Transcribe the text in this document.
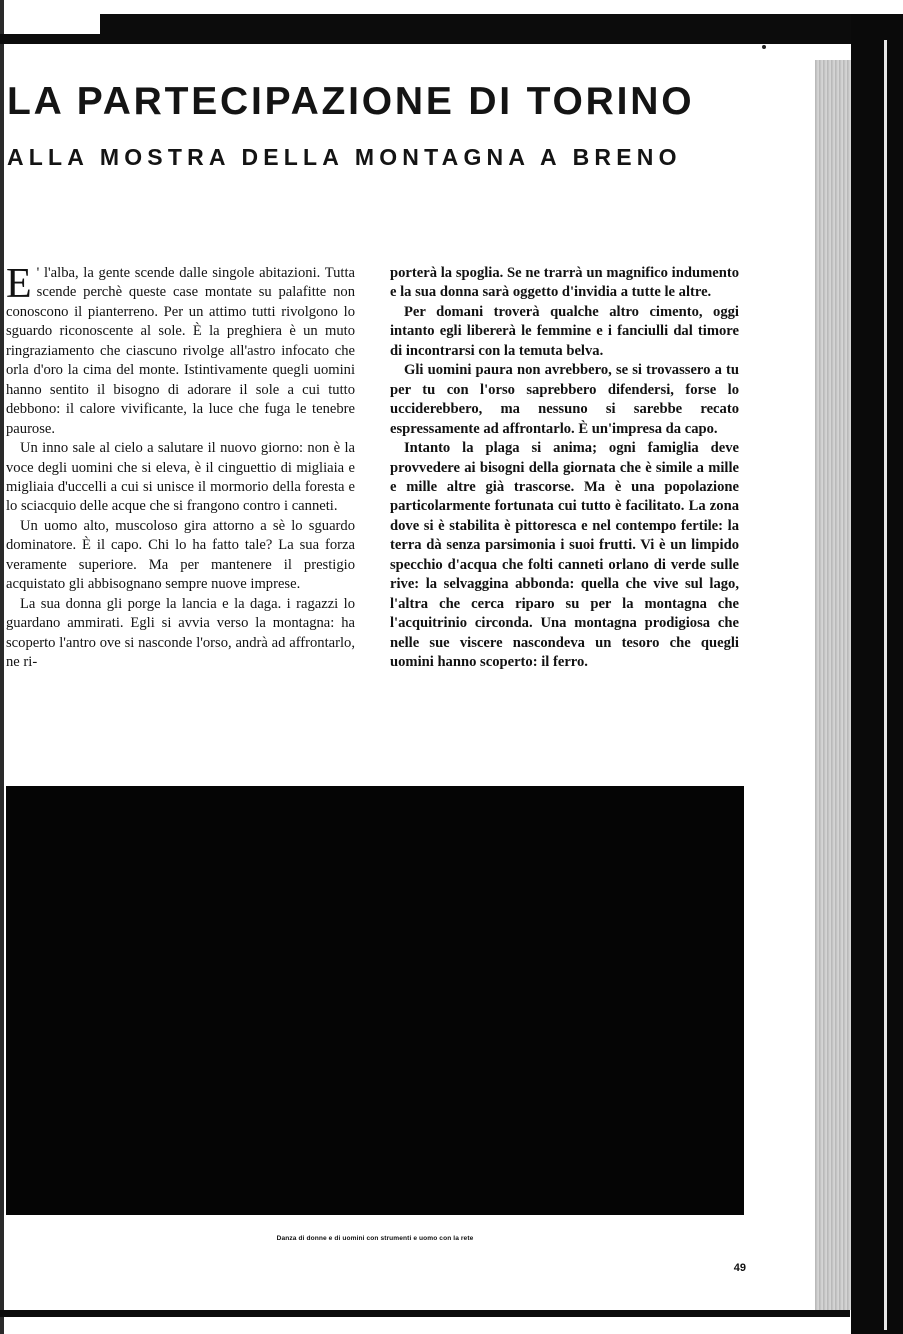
LA PARTECIPAZIONE DI TORINO
ALLA MOSTRA DELLA MONTAGNA A BRENO

E ' l'alba, la gente scende dalle singole abitazioni. Tutta scende perchè queste case montate su palafitte non conoscono il pianterreno. Per un attimo tutti rivolgono lo sguardo riconoscente al sole. È la preghiera è un muto ringraziamento che ciascuno rivolge all'astro infocato che orla d'oro la cima del monte. Istintivamente quegli uomini hanno sentito il bisogno di adorare il sole a cui tutto debbono: il calore vivificante, la luce che fuga le tenebre paurose.

Un inno sale al cielo a salutare il nuovo giorno: non è la voce degli uomini che si eleva, è il cinguettio di migliaia e migliaia d'uccelli a cui si unisce il mormorio della foresta e lo sciacquio delle acque che si frangono contro i canneti.

Un uomo alto, muscoloso gira attorno a sè lo sguardo dominatore. È il capo. Chi lo ha fatto tale? La sua forza veramente superiore. Ma per mantenere il prestigio acquistato gli abbisognano sempre nuove imprese.

La sua donna gli porge la lancia e la daga. i ragazzi lo guardano ammirati. Egli si avvia verso la montagna: ha scoperto l'antro ove si nasconde l'orso, andrà ad affrontarlo, ne ri-

porterà la spoglia. Se ne trarrà un magnifico indumento e la sua donna sarà oggetto d'invidia a tutte le altre.

Per domani troverà qualche altro cimento, oggi intanto egli libererà le femmine e i fanciulli dal timore di incontrarsi con la temuta belva.

Gli uomini paura non avrebbero, se si trovassero a tu per tu con l'orso saprebbero difendersi, forse lo ucciderebbero, ma nessuno si sarebbe recato espressamente ad affrontarlo. È un'impresa da capo.

Intanto la plaga si anima; ogni famiglia deve provvedere ai bisogni della giornata che è simile a mille e mille altre già trascorse. Ma è una popolazione particolarmente fortunata cui tutto è facilitato. La zona dove si è stabilita è pittoresca e nel contempo fertile: la terra dà senza parsimonia i suoi frutti. Vi è un limpido specchio d'acqua che folti canneti orlano di verde sulle rive: la selvaggina abbonda: quella che vive sul lago, l'altra che cerca riparo su per la montagna che l'acquitrinio circonda. Una montagna prodigiosa che nelle sue viscere nascondeva un tesoro che quegli uomini hanno scoperto: il ferro.

Danza di donne e di uomini con strumenti e uomo con la rete
49
